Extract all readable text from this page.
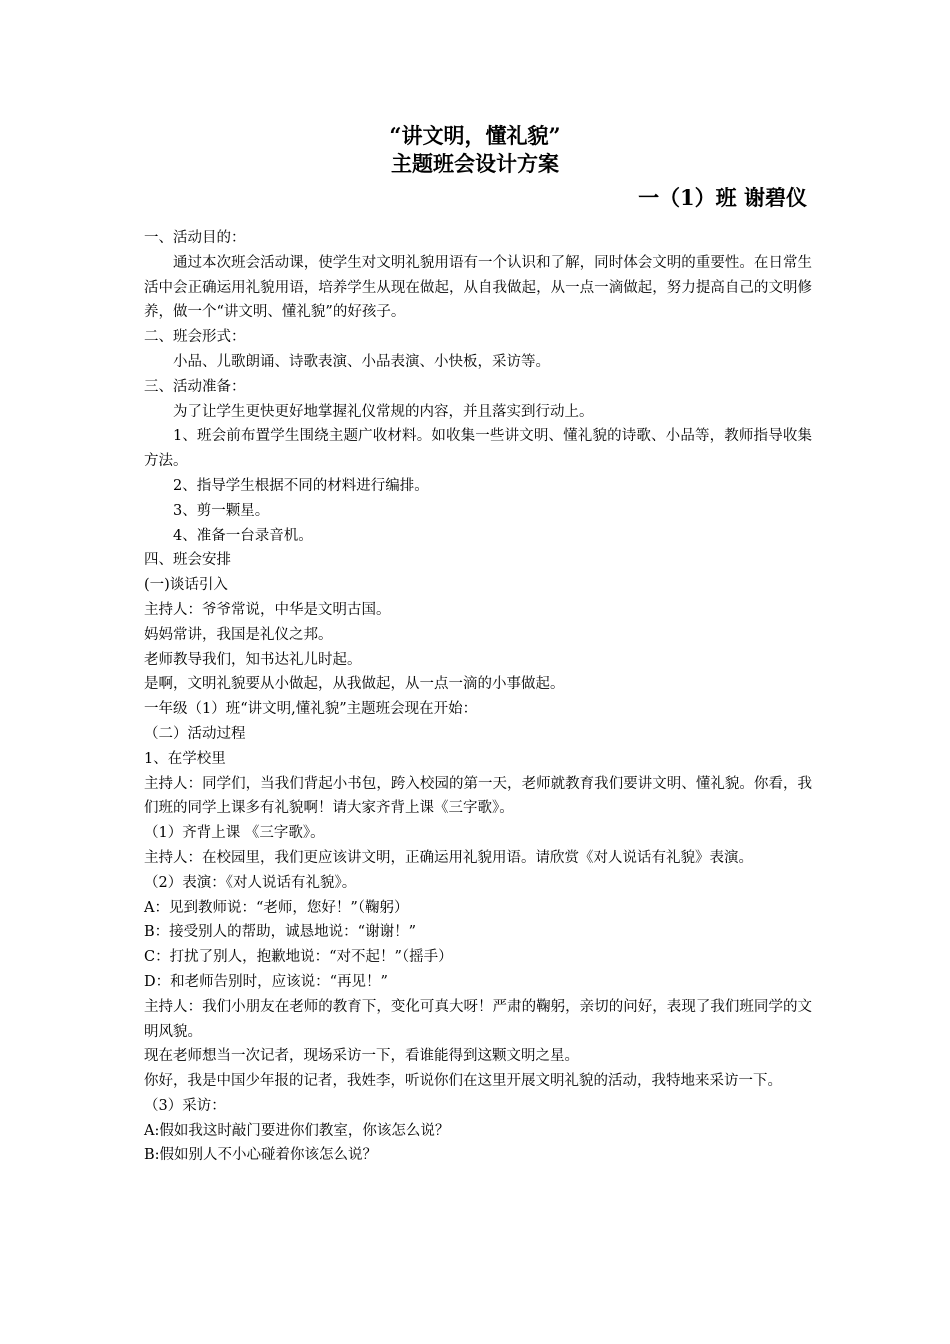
“讲文明，懂礼貌”
主题班会设计方案
一（1）班 谢碧仪

一、活动目的：

通过本次班会活动课，使学生对文明礼貌用语有一个认识和了解，同时体会文明的重要性。在日常生活中会正确运用礼貌用语，培养学生从现在做起，从自我做起，从一点一滴做起，努力提高自己的文明修养，做一个“讲文明、懂礼貌”的好孩子。

二、班会形式：

小品、儿歌朗诵、诗歌表演、小品表演、小快板，采访等。

三、活动准备：

为了让学生更快更好地掌握礼仪常规的内容，并且落实到行动上。

1、班会前布置学生围绕主题广收材料。如收集一些讲文明、懂礼貌的诗歌、小品等，教师指导收集方法。

2、指导学生根据不同的材料进行编排。

3、剪一颗星。

4、准备一台录音机。

四、班会安排

(一)谈话引入

主持人：爷爷常说，中华是文明古国。

妈妈常讲，我国是礼仪之邦。

老师教导我们，知书达礼儿时起。

是啊，文明礼貌要从小做起，从我做起，从一点一滴的小事做起。

一年级（1）班“讲文明,懂礼貌”主题班会现在开始：

（二）活动过程

1、在学校里

主持人：同学们，当我们背起小书包，跨入校园的第一天，老师就教育我们要讲文明、懂礼貌。你看，我们班的同学上课多有礼貌啊！请大家齐背上课《三字歌》。

（1）齐背上课 《三字歌》。

主持人：在校园里，我们更应该讲文明，正确运用礼貌用语。请欣赏《对人说话有礼貌》表演。

（2）表演：《对人说话有礼貌》。

A：见到教师说：“老师，您好！”（鞠躬）

B：接受别人的帮助，诚恳地说：“谢谢！”

C：打扰了别人，抱歉地说：“对不起！”（摇手）

D：和老师告别时，应该说：“再见！”

主持人：我们小朋友在老师的教育下，变化可真大呀！严肃的鞠躬，亲切的问好，表现了我们班同学的文明风貌。

现在老师想当一次记者，现场采访一下，看谁能得到这颗文明之星。

你好，我是中国少年报的记者，我姓李，听说你们在这里开展文明礼貌的活动，我特地来采访一下。

（3）采访：

A:假如我这时敲门要进你们教室，你该怎么说？

B:假如别人不小心碰着你该怎么说？
